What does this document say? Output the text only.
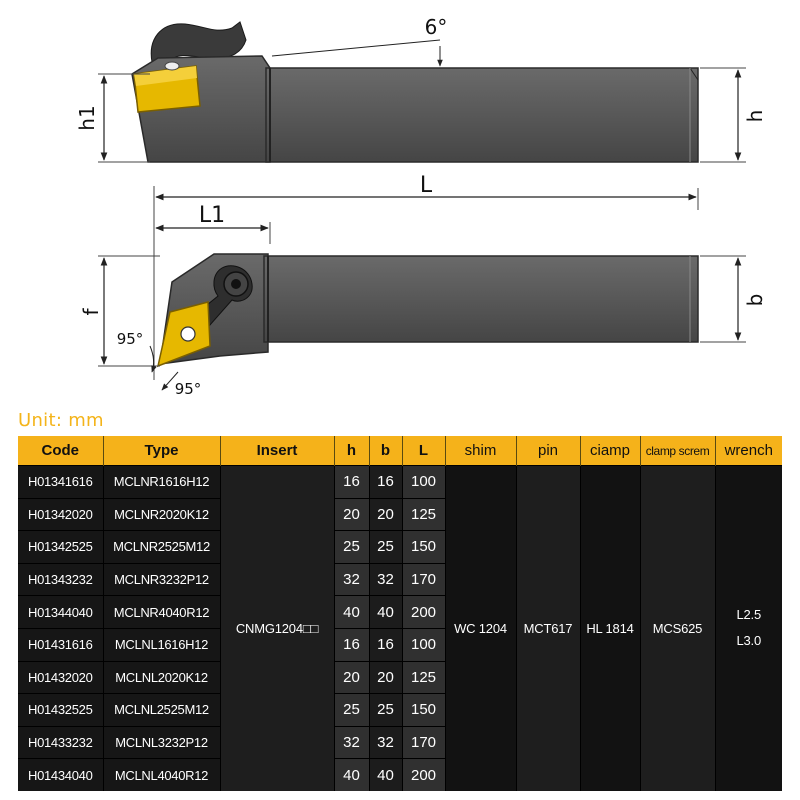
h1	h
6°
L
L1
f
b
95°
95°
Unit: mm
Code	Type	Insert	h	b	L	shim	pin	ciamp	clamp screm	wrench
H01341616	MCLNR1616H12	CNMG1204□□	16	16	100	WC 1204	MCT617	HL 1814	MCS625	L2.5
L3.0

H01342020	MCLNR2020K12		20	20	125					
H01342525	MCLNR2525M12		25	25	150					
H01343232	MCLNR3232P12		32	32	170					
H01344040	MCLNR4040R12		40	40	200					
H01431616	MCLNL1616H12		16	16	100					
H01432020	MCLNL2020K12		20	20	125					
H01432525	MCLNL2525M12		25	25	150					
H01433232	MCLNL3232P12		32	32	170					
H01434040	MCLNL4040R12		40	40	200					
